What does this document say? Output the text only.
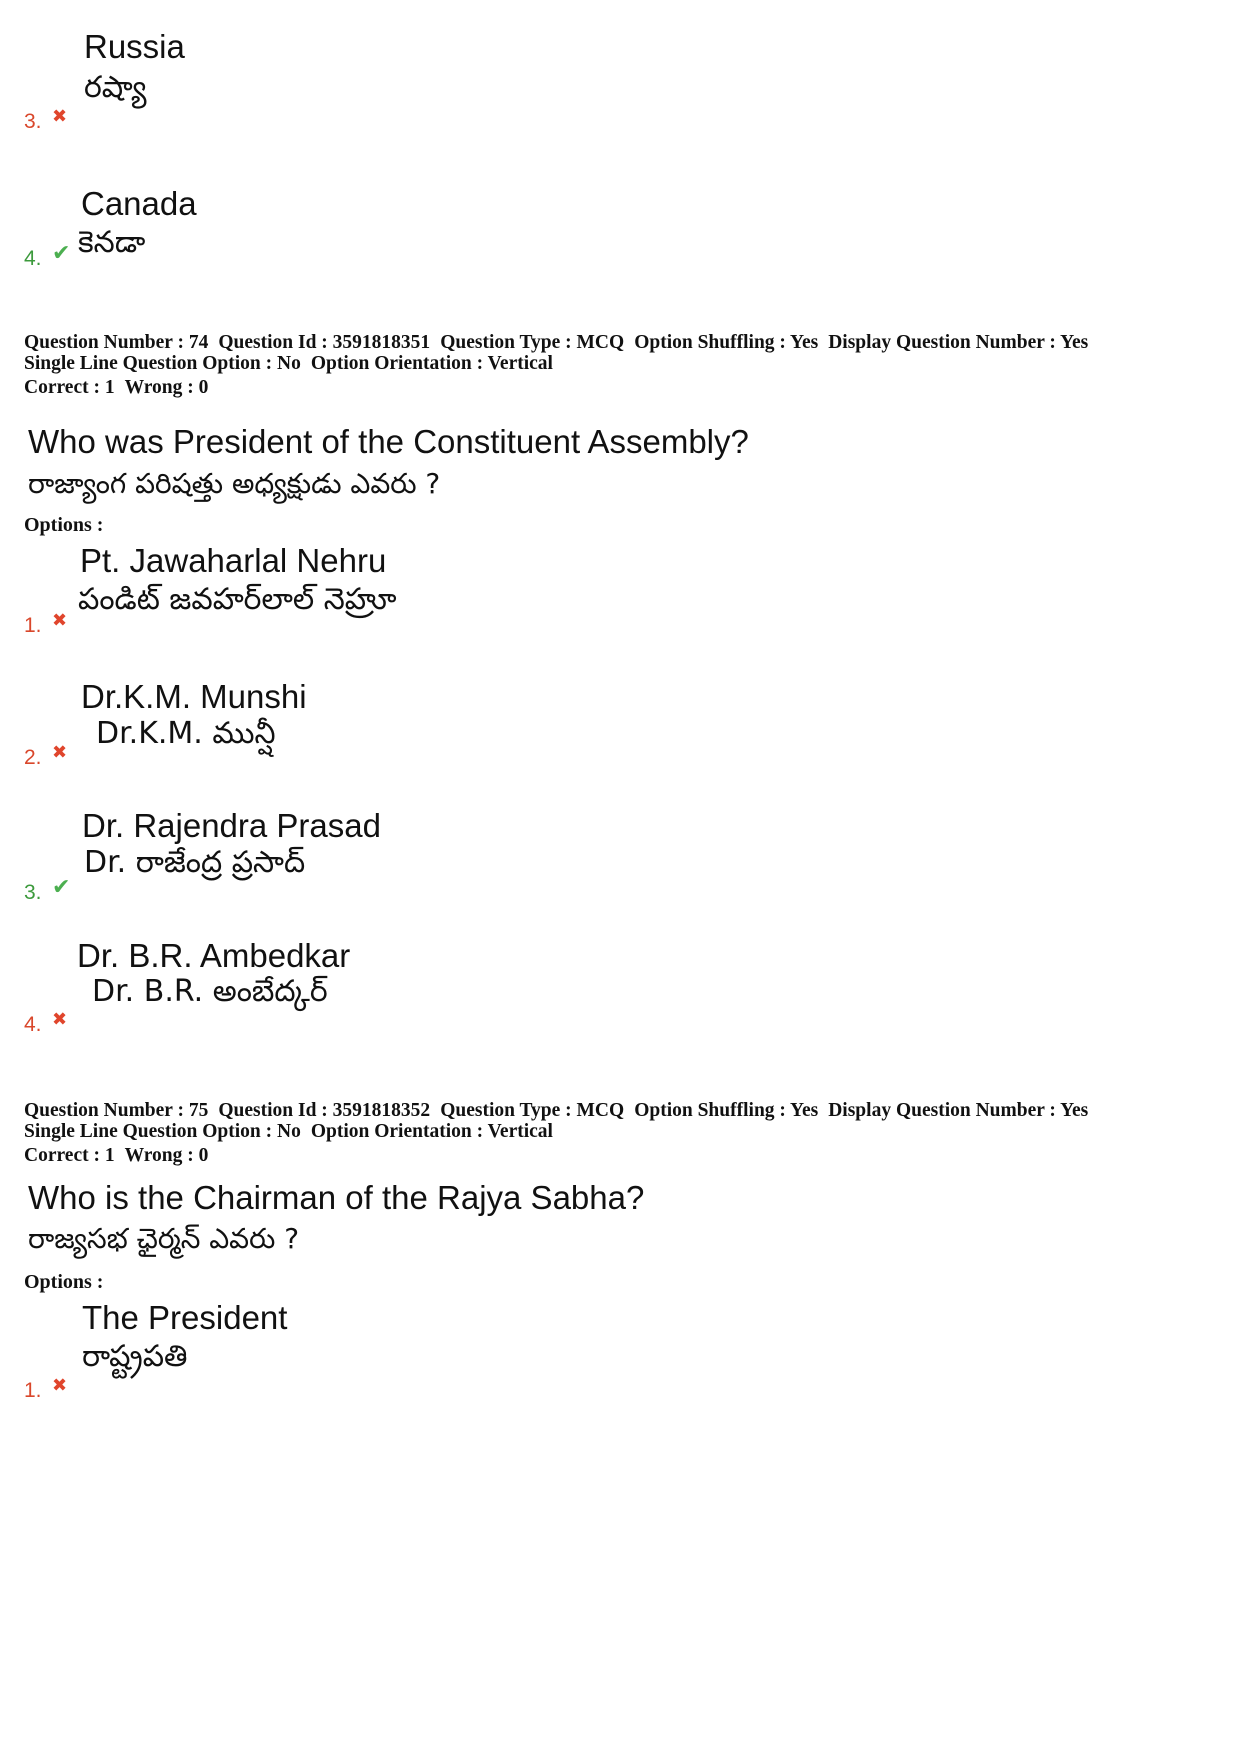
Russia
రష్యా
3. ✖
Canada
కెనడా
4. ✔
Question Number : 74 Question Id : 3591818351 Question Type : MCQ Option Shuffling : Yes Display Question Number : Yes
Single Line Question Option : No Option Orientation : Vertical
Correct : 1 Wrong : 0
Who was President of the Constituent Assembly?
రాజ్యాంగ పరిషత్తు అధ్యక్షుడు ఎవరు ?
Options :
Pt. Jawaharlal Nehru
పండిట్ జవహర్‌లాల్ నెహ్రూ
1. ✖
Dr.K.M. Munshi
Dr.K.M. మున్షీ
2. ✖
Dr. Rajendra Prasad
Dr. రాజేంద్ర ప్రసాద్
3. ✔
Dr. B.R. Ambedkar
Dr. B.R. అంబేద్కర్
4. ✖
Question Number : 75 Question Id : 3591818352 Question Type : MCQ Option Shuffling : Yes Display Question Number : Yes
Single Line Question Option : No Option Orientation : Vertical
Correct : 1 Wrong : 0
Who is the Chairman of the Rajya Sabha?
రాజ్యసభ ఛైర్మన్ ఎవరు ?
Options :
The President
రాష్ట్రపతి
1. ✖
